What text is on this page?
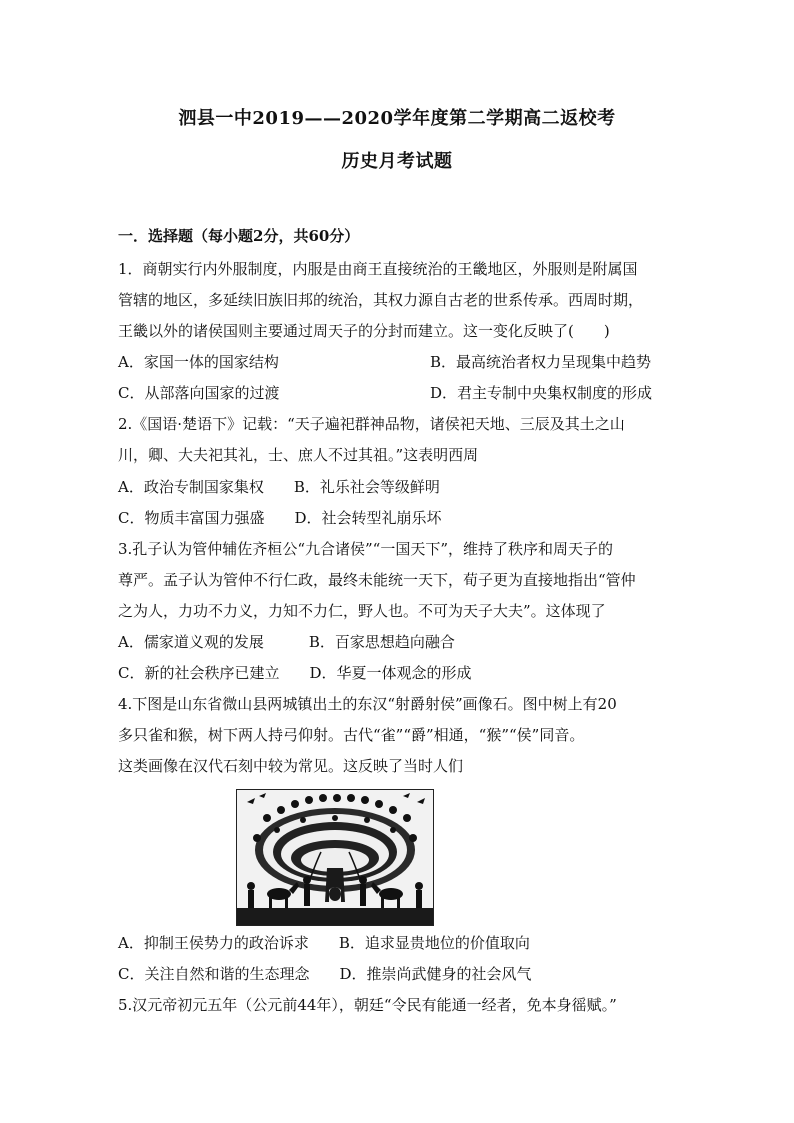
泗县一中2019——2020学年度第二学期高二返校考
历史月考试题
一．选择题（每小题2分，共60分）
1．商朝实行内外服制度，内服是由商王直接统治的王畿地区，外服则是附属国
管辖的地区，多延续旧族旧邦的统治，其权力源自古老的世系传承。西周时期，
王畿以外的诸侯国则主要通过周天子的分封而建立。这一变化反映了(　　)
A．家国一体的国家结构	B．最高统治者权力呈现集中趋势
C．从部落向国家的过渡	D．君主专制中央集权制度的形成
2.《国语·楚语下》记载：“天子遍祀群神品物，诸侯祀天地、三辰及其土之山
川，卿、大夫祀其礼，士、庶人不过其祖。”这表明西周
A．政治专制国家集权　　B．礼乐社会等级鲜明
C．物质丰富国力强盛　　D．社会转型礼崩乐坏
3.孔子认为管仲辅佐齐桓公“九合诸侯”“一国天下”，维持了秩序和周天子的
尊严。孟子认为管仲不行仁政，最终未能统一天下，荀子更为直接地指出“管仲
之为人，力功不力义，力知不力仁，野人也。不可为天子大夫”。这体现了
A．儒家道义观的发展　　　B．百家思想趋向融合
C．新的社会秩序已建立　　D．华夏一体观念的形成
4.下图是山东省微山县两城镇出土的东汉“射爵射侯”画像石。图中树上有20
多只雀和猴，树下两人持弓仰射。古代“雀”“爵”相通，“猴”“侯”同音。
这类画像在汉代石刻中较为常见。这反映了当时人们
A．抑制王侯势力的政治诉求　　B．追求显贵地位的价值取向
C．关注自然和谐的生态理念　　D．推崇尚武健身的社会风气
5.汉元帝初元五年（公元前44年），朝廷“令民有能通一经者，免本身徭赋。”
